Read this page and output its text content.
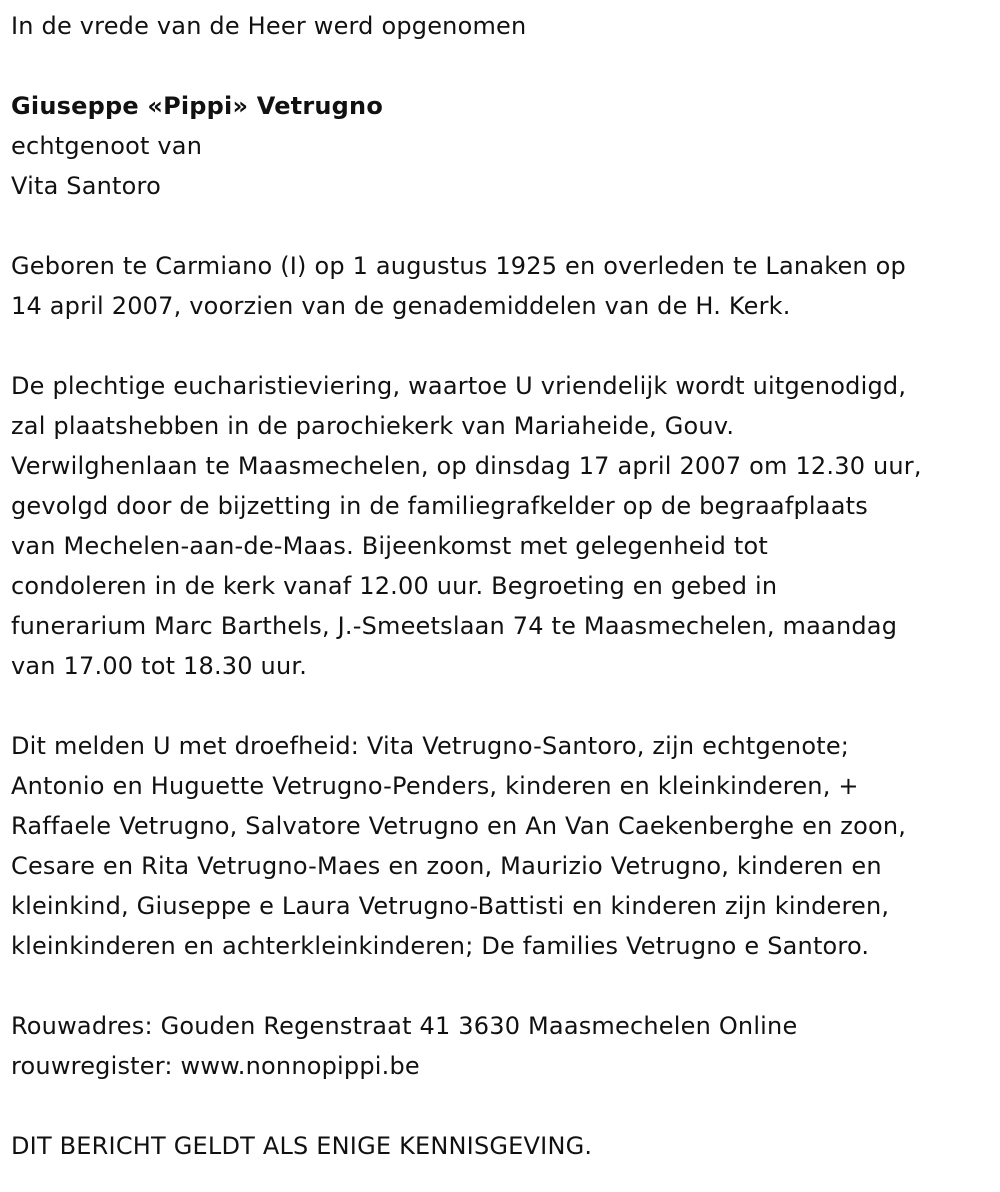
In de vrede van de Heer werd opgenomen
Giuseppe «Pippi» Vetrugno
echtgenoot van
Vita Santoro
Geboren te Carmiano (I) op 1 augustus 1925 en overleden te Lanaken op
14 april 2007, voorzien van de genademiddelen van de H. Kerk.
De plechtige eucharistieviering, waartoe U vriendelijk wordt uitgenodigd,
zal plaatshebben in de parochiekerk van Mariaheide, Gouv.
Verwilghenlaan te Maasmechelen, op dinsdag 17 april 2007 om 12.30 uur,
gevolgd door de bijzetting in de familiegrafkelder op de begraafplaats
van Mechelen-aan-de-Maas. Bijeenkomst met gelegenheid tot
condoleren in de kerk vanaf 12.00 uur. Begroeting en gebed in
funerarium Marc Barthels, J.-Smeetslaan 74 te Maasmechelen, maandag
van 17.00 tot 18.30 uur.
Dit melden U met droefheid: Vita Vetrugno-Santoro, zijn echtgenote;
Antonio en Huguette Vetrugno-Penders, kinderen en kleinkinderen, +
Raffaele Vetrugno, Salvatore Vetrugno en An Van Caekenberghe en zoon,
Cesare en Rita Vetrugno-Maes en zoon, Maurizio Vetrugno, kinderen en
kleinkind, Giuseppe e Laura Vetrugno-Battisti en kinderen zijn kinderen,
kleinkinderen en achterkleinkinderen; De families Vetrugno e Santoro.
Rouwadres: Gouden Regenstraat 41 3630 Maasmechelen Online
rouwregister: www.nonnopippi.be
DIT BERICHT GELDT ALS ENIGE KENNISGEVING.
